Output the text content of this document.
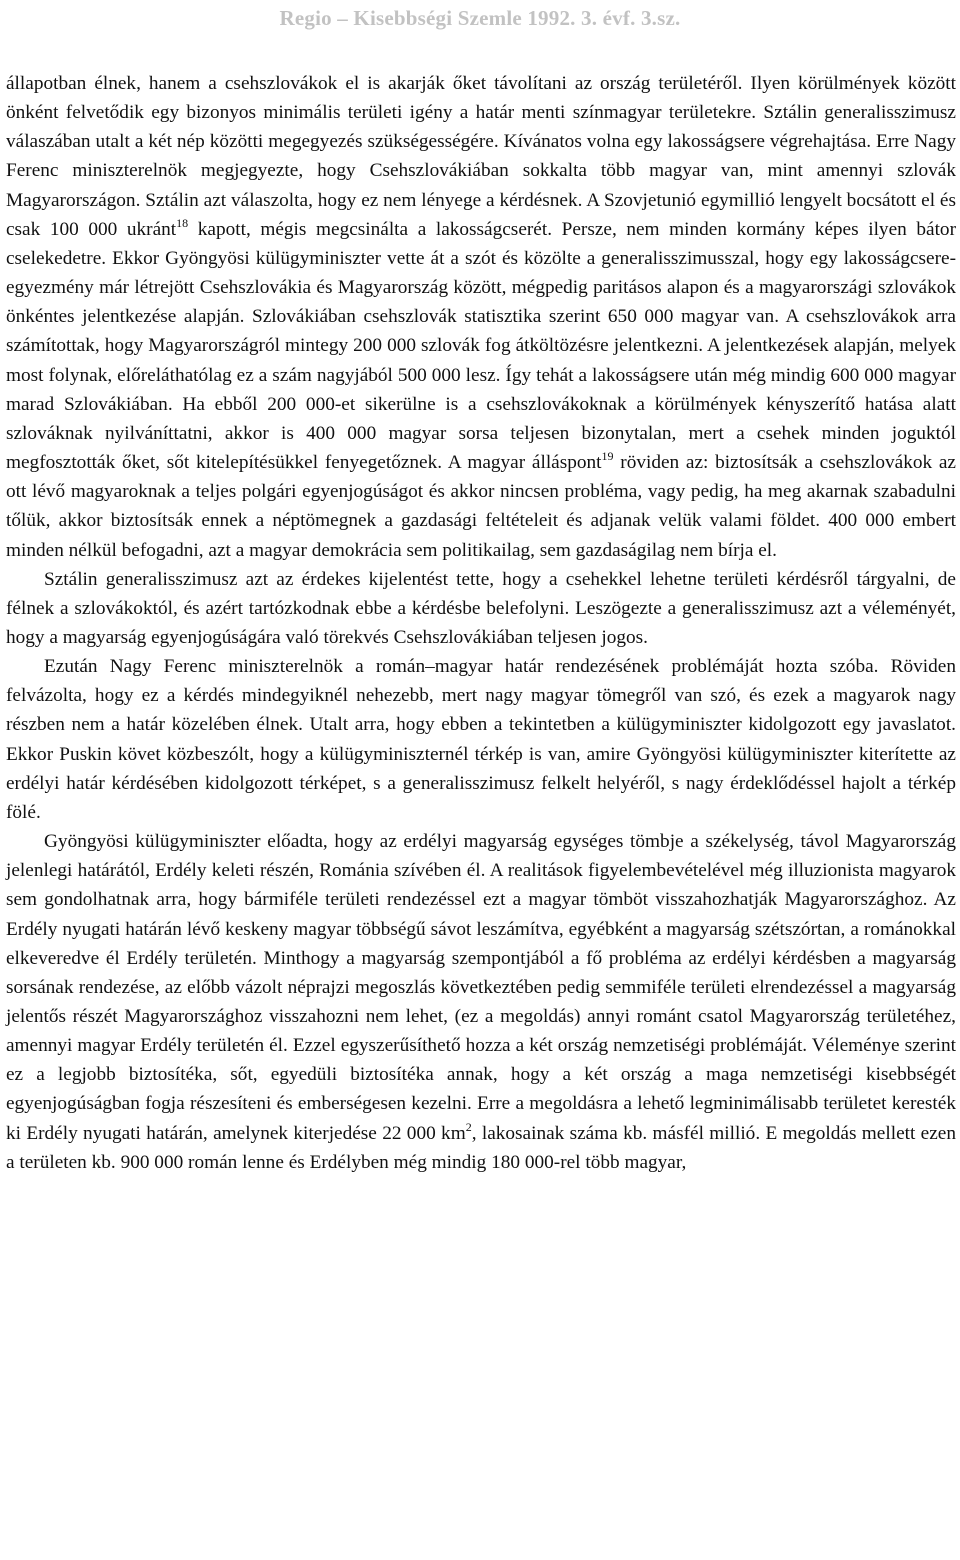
Regio – Kisebbségi Szemle 1992. 3. évf. 3.sz.

állapotban élnek, hanem a csehszlovákok el is akarják őket távolítani az ország területéről. Ilyen körülmények között önként felvetődik egy bizonyos minimális területi igény a határ menti színmagyar területekre. Sztálin generalisszimusz válaszában utalt a két nép közötti megegyezés szükségességére. Kívánatos volna egy lakosságsere végrehajtása. Erre Nagy Ferenc miniszterelnök megjegyezte, hogy Csehszlovákiában sokkalta több magyar van, mint amennyi szlovák Magyarországon. Sztálin azt válaszolta, hogy ez nem lényege a kérdésnek. A Szovjetunió egymillió lengyelt bocsátott el és csak 100 000 ukránt$^{18}$ kapott, mégis megcsinálta a lakosságcserét. Persze, nem minden kormány képes ilyen bátor cselekedetre. Ekkor Gyöngyösi külügyminiszter vette át a szót és közölte a generalisszimusszal, hogy egy lakosságcsere-egyezmény már létrejött Csehszlovákia és Magyarország között, mégpedig paritásos alapon és a magyarországi szlovákok önkéntes jelentkezése alapján. Szlovákiában csehszlovák statisztika szerint 650 000 magyar van. A csehszlovákok arra számítottak, hogy Magyarországról mintegy 200 000 szlovák fog átköltözésre jelentkezni. A jelentkezések alapján, melyek most folynak, előreláthatólag ez a szám nagyjából 500 000 lesz. Így tehát a lakosságsere után még mindig 600 000 magyar marad Szlovákiában. Ha ebből 200 000-et sikerülne is a csehszlovákoknak a körülmények kényszerítő hatása alatt szlováknak nyilváníttatni, akkor is 400 000 magyar sorsa teljesen bizonytalan, mert a csehek minden joguktól megfosztották őket, sőt kitelepítésükkel fenyegetőznek. A magyar álláspont$^{19}$ röviden az: biztosítsák a csehszlovákok az ott lévő magyaroknak a teljes polgári egyenjogúságot és akkor nincsen probléma, vagy pedig, ha meg akarnak szabadulni tőlük, akkor biztosítsák ennek a néptömegnek a gazdasági feltételeit és adjanak velük valami földet. 400 000 embert minden nélkül befogadni, azt a magyar demokrácia sem politikailag, sem gazdaságilag nem bírja el.

Sztálin generalisszimusz azt az érdekes kijelentést tette, hogy a csehekkel lehetne területi kérdésről tárgyalni, de félnek a szlovákoktól, és azért tartózkodnak ebbe a kérdésbe belefolyni. Leszögezte a generalisszimusz azt a véleményét, hogy a magyarság egyenjogúságára való törekvés Csehszlovákiában teljesen jogos.

Ezután Nagy Ferenc miniszterelnök a román–magyar határ rendezésének problémáját hozta szóba. Röviden felvázolta, hogy ez a kérdés mindegyiknél nehezebb, mert nagy magyar tömegről van szó, és ezek a magyarok nagy részben nem a határ közelében élnek. Utalt arra, hogy ebben a tekintetben a külügyminiszter kidolgozott egy javaslatot. Ekkor Puskin követ közbeszólt, hogy a külügyminiszternél térkép is van, amire Gyöngyösi külügyminiszter kiterítette az erdélyi határ kérdésében kidolgozott térképet, s a generalisszimusz felkelt helyéről, s nagy érdeklődéssel hajolt a térkép fölé.

Gyöngyösi külügyminiszter előadta, hogy az erdélyi magyarság egységes tömbje a székelység, távol Magyarország jelenlegi határától, Erdély keleti részén, Románia szívében él. A realitások figyelembevételével még illuzionista magyarok sem gondolhatnak arra, hogy bármiféle területi rendezéssel ezt a magyar tömböt visszahozhatják Magyarországhoz. Az Erdély nyugati határán lévő keskeny magyar többségű sávot leszámítva, egyébként a magyarság szétszórtan, a románokkal elkeveredve él Erdély területén. Minthogy a magyarság szempontjából a fő probléma az erdélyi kérdésben a magyarság sorsának rendezése, az előbb vázolt néprajzi megoszlás következtében pedig semmiféle területi elrendezéssel a magyarság jelentős részét Magyarországhoz visszahozni nem lehet, (ez a megoldás) annyi románt csatol Magyarország területéhez, amennyi magyar Erdély területén él. Ezzel egyszerűsíthető hozza a két ország nemzetiségi problémáját. Véleménye szerint ez a legjobb biztosítéka, sőt, egyedüli biztosítéka annak, hogy a két ország a maga nemzetiségi kisebbségét egyenjogúságban fogja részesíteni és emberségesen kezelni. Erre a megoldásra a lehető legminimálisabb területet keresték ki Erdély nyugati határán, amelynek kiterjedése 22 000 $km^2$, lakosainak száma kb. másfél millió. E megoldás mellett ezen a területen kb. 900 000 román lenne és Erdélyben még mindig 180 000-rel több magyar,
